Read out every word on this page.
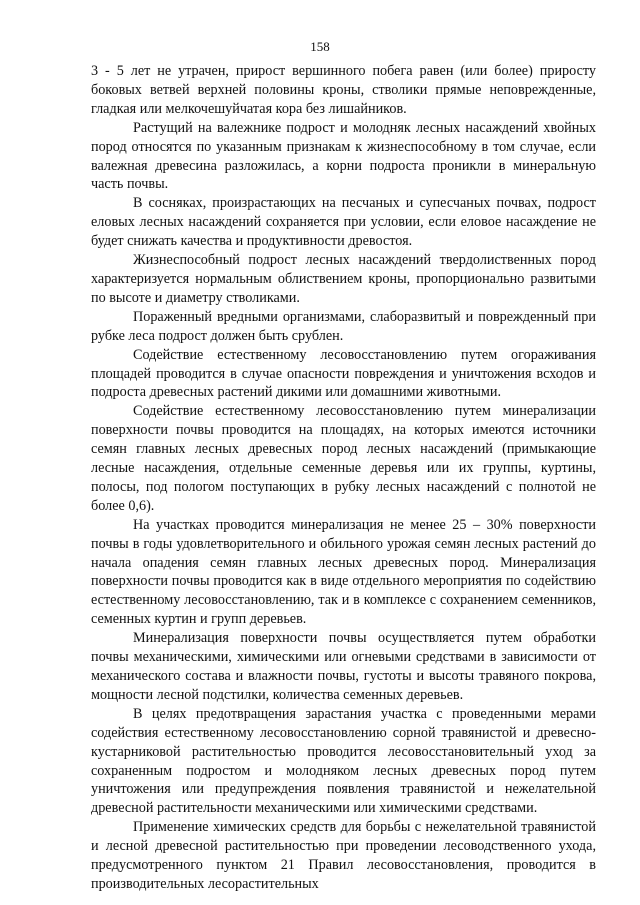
158

3 - 5 лет не утрачен, прирост вершинного побега равен (или более) приросту боковых ветвей верхней половины кроны, стволики прямые неповрежденные, гладкая или мелкочешуйчатая кора без лишайников.

Растущий на валежнике подрост и молодняк лесных насаждений хвойных пород относятся по указанным признакам к жизнеспособному в том случае, если валежная древесина разложилась, а корни подроста проникли в минеральную часть почвы.

В сосняках, произрастающих на песчаных и супесчаных почвах, подрост еловых лесных насаждений сохраняется при условии, если еловое насаждение не будет снижать качества и продуктивности древостоя.

Жизнеспособный подрост лесных насаждений твердолиственных пород характеризуется нормальным облиствением кроны, пропорционально развитыми по высоте и диаметру стволиками.

Пораженный вредными организмами, слаборазвитый и поврежденный при рубке леса подрост должен быть срублен.

Содействие естественному лесовосстановлению путем огораживания площадей проводится в случае опасности повреждения и уничтожения всходов и подроста древесных растений дикими или домашними животными.

Содействие естественному лесовосстановлению путем минерализации поверхности почвы проводится на площадях, на которых имеются источники семян главных лесных древесных пород лесных насаждений (примыкающие лесные насаждения, отдельные семенные деревья или их группы, куртины, полосы, под пологом поступающих в рубку лесных насаждений с полнотой не более 0,6).

На участках проводится минерализация не менее 25 – 30% поверхности почвы в годы удовлетворительного и обильного урожая семян лесных растений до начала опадения семян главных лесных древесных пород. Минерализация поверхности почвы проводится как в виде отдельного мероприятия по содействию естественному лесовосстановлению, так и в комплексе с сохранением семенников, семенных куртин и групп деревьев.

Минерализация поверхности почвы осуществляется путем обработки почвы механическими, химическими или огневыми средствами в зависимости от механического состава и влажности почвы, густоты и высоты травяного покрова, мощности лесной подстилки, количества семенных деревьев.

В целях предотвращения зарастания участка с проведенными мерами содействия естественному лесовосстановлению сорной травянистой и древесно-кустарниковой растительностью проводится лесовосстановительный уход за сохраненным подростом и молодняком лесных древесных пород путем уничтожения или предупреждения появления травянистой и нежелательной древесной растительности механическими или химическими средствами.

Применение химических средств для борьбы с нежелательной травянистой и лесной древесной растительностью при проведении лесоводственного ухода, предусмотренного пунктом 21 Правил лесовосстановления, проводится в производительных лесорастительных
